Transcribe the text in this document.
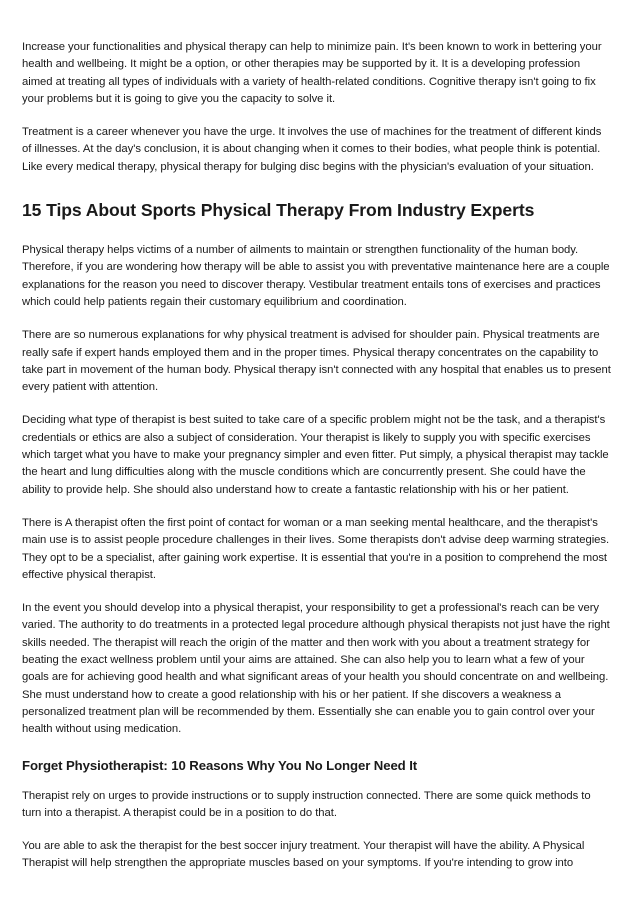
Increase your functionalities and physical therapy can help to minimize pain. It's been known to work in bettering your health and wellbeing. It might be a option, or other therapies may be supported by it. It is a developing profession aimed at treating all types of individuals with a variety of health-related conditions. Cognitive therapy isn't going to fix your problems but it is going to give you the capacity to solve it.

Treatment is a career whenever you have the urge. It involves the use of machines for the treatment of different kinds of illnesses. At the day's conclusion, it is about changing when it comes to their bodies, what people think is potential. Like every medical therapy, physical therapy for bulging disc begins with the physician's evaluation of your situation.

15 Tips About Sports Physical Therapy From Industry Experts

Physical therapy helps victims of a number of ailments to maintain or strengthen functionality of the human body. Therefore, if you are wondering how therapy will be able to assist you with preventative maintenance here are a couple explanations for the reason you need to discover therapy. Vestibular treatment entails tons of exercises and practices which could help patients regain their customary equilibrium and coordination.

There are so numerous explanations for why physical treatment is advised for shoulder pain. Physical treatments are really safe if expert hands employed them and in the proper times. Physical therapy concentrates on the capability to take part in movement of the human body. Physical therapy isn't connected with any hospital that enables us to present every patient with attention.

Deciding what type of therapist is best suited to take care of a specific problem might not be the task, and a therapist's credentials or ethics are also a subject of consideration. Your therapist is likely to supply you with specific exercises which target what you have to make your pregnancy simpler and even fitter. Put simply, a physical therapist may tackle the heart and lung difficulties along with the muscle conditions which are concurrently present. She could have the ability to provide help. She should also understand how to create a fantastic relationship with his or her patient.

There is A therapist often the first point of contact for woman or a man seeking mental healthcare, and the therapist's main use is to assist people procedure challenges in their lives. Some therapists don't advise deep warming strategies. They opt to be a specialist, after gaining work expertise. It is essential that you're in a position to comprehend the most effective physical therapist.

In the event you should develop into a physical therapist, your responsibility to get a professional's reach can be very varied. The authority to do treatments in a protected legal procedure although physical therapists not just have the right skills needed. The therapist will reach the origin of the matter and then work with you about a treatment strategy for beating the exact wellness problem until your aims are attained. She can also help you to learn what a few of your goals are for achieving good health and what significant areas of your health you should concentrate on and wellbeing. She must understand how to create a good relationship with his or her patient. If she discovers a weakness a personalized treatment plan will be recommended by them. Essentially she can enable you to gain control over your health without using medication.

Forget Physiotherapist: 10 Reasons Why You No Longer Need It

Therapist rely on urges to provide instructions or to supply instruction connected. There are some quick methods to turn into a therapist. A therapist could be in a position to do that.

You are able to ask the therapist for the best soccer injury treatment. Your therapist will have the ability. A Physical Therapist will help strengthen the appropriate muscles based on your symptoms. If you're intending to grow into
